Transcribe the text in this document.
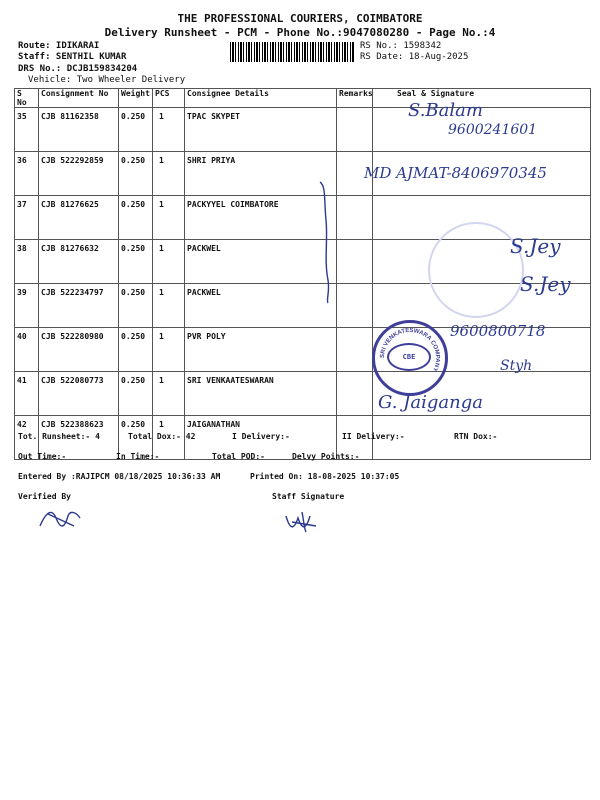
THE PROFESSIONAL COURIERS, COIMBATORE
Delivery Runsheet - PCM - Phone No.:9047080280 - Page No.:4
Route: IDIKARAI
Staff: SENTHIL KUMAR
DRS No.: DCJB159834204
Vehicle: Two Wheeler Delivery
RS No.: 1598342
RS Date: 18-Aug-2025
S No	Consignment No	Weight	PCS	Consignee Details	Remarks	Seal & Signature
35	CJB 81162358	0.250	1	TPAC SKYPET		
36	CJB 522292859	0.250	1	SHRI PRIYA		
37	CJB 81276625	0.250	1	PACKYYEL COIMBATORE		
38	CJB 81276632	0.250	1	PACKWEL		
39	CJB 522234797	0.250	1	PACKWEL		
40	CJB 522280980	0.250	1	PVR POLY		
41	CJB 522080773	0.250	1	SRI VENKAATESWARAN		
42	CJB 522388623	0.250	1	JAIGANATHAN		
S.Balam
9600241601
MD AJMAT-8406970345
S.Jey
S.Jey
9600800718
Styh
G. Jaiganga
SRI VENKATESWARA COMPANY
CBE
Tot. Runsheet:- 4	Total Dox:- 42	I Delivery:-	II Delivery:-	RTN Dox:-
Out Time:-	In Time:-	Total POD:-	Delvy Points:-
Entered By :RAJIPCM 08/18/2025 10:36:33 AM	Printed On: 18-08-2025 10:37:05
Verified By	Staff Signature
